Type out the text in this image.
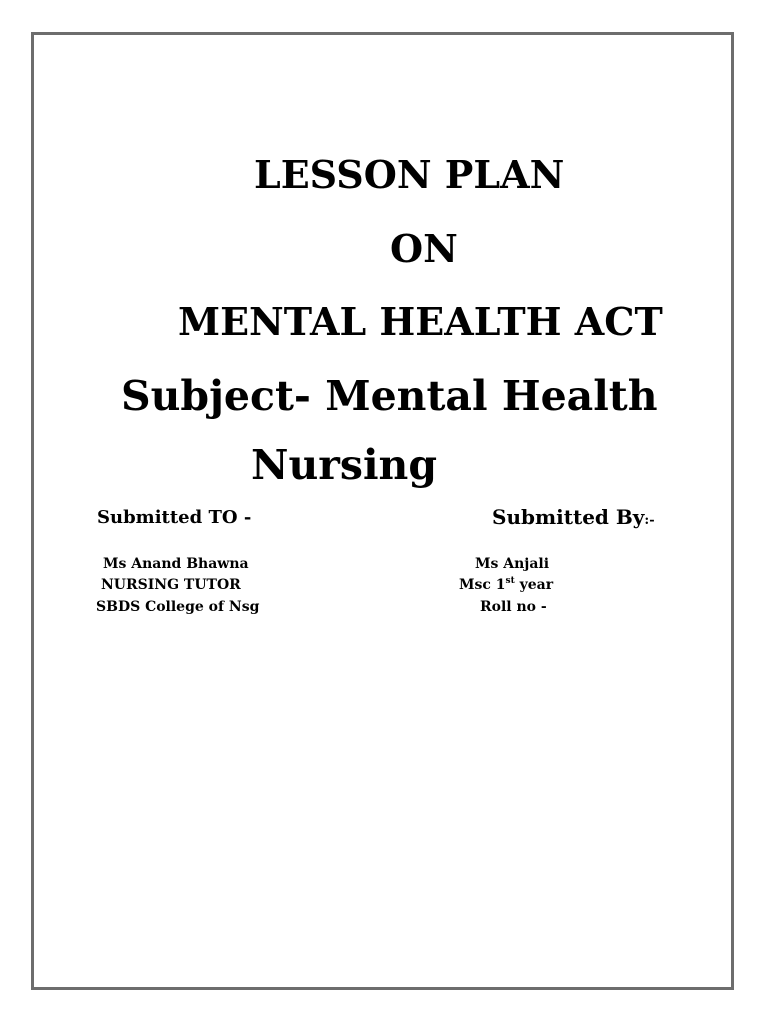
LESSON PLAN
ON
MENTAL HEALTH ACT
Subject- Mental Health
Nursing
Submitted TO -	Submitted By:-
Ms Anand Bhawna
NURSING TUTOR
SBDS College of Nsg
Ms Anjali
Msc 1st year
Roll no -
